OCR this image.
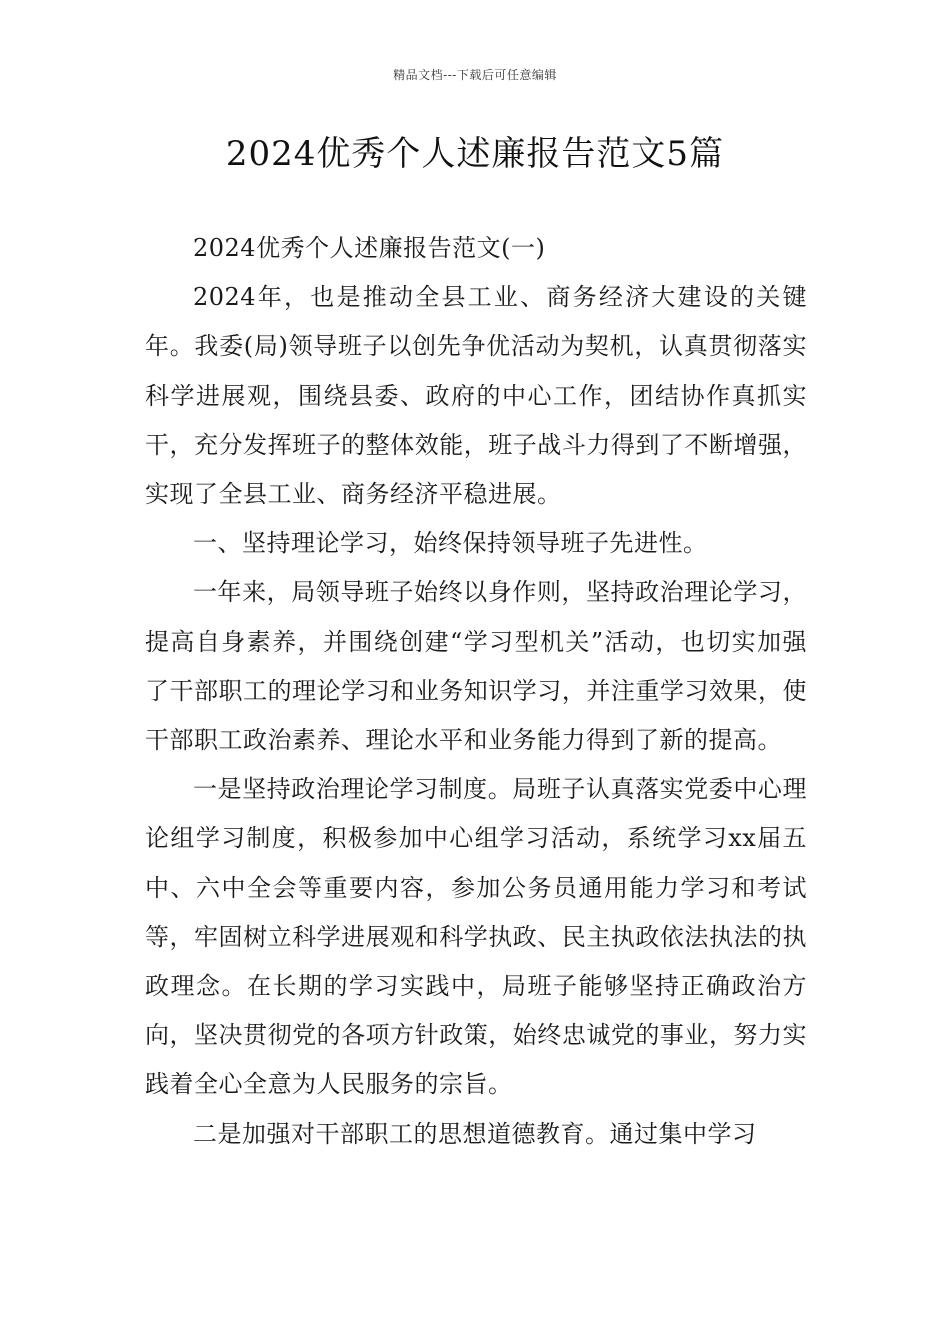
精品文档---下载后可任意编辑
2024优秀个人述廉报告范文5篇

2024优秀个人述廉报告范文(一)

2024年，也是推动全县工业、商务经济大建设的关键年。我委(局)领导班子以创先争优活动为契机，认真贯彻落实科学进展观，围绕县委、政府的中心工作，团结协作真抓实干，充分发挥班子的整体效能，班子战斗力得到了不断增强，实现了全县工业、商务经济平稳进展。

一、坚持理论学习，始终保持领导班子先进性。

一年来，局领导班子始终以身作则，坚持政治理论学习，提高自身素养，并围绕创建“学习型机关”活动，也切实加强了干部职工的理论学习和业务知识学习，并注重学习效果，使干部职工政治素养、理论水平和业务能力得到了新的提高。

一是坚持政治理论学习制度。局班子认真落实党委中心理论组学习制度，积极参加中心组学习活动，系统学习xx届五中、六中全会等重要内容，参加公务员通用能力学习和考试等，牢固树立科学进展观和科学执政、民主执政依法执法的执政理念。在长期的学习实践中，局班子能够坚持正确政治方向，坚决贯彻党的各项方针政策，始终忠诚党的事业，努力实践着全心全意为人民服务的宗旨。

二是加强对干部职工的思想道德教育。通过集中学习
